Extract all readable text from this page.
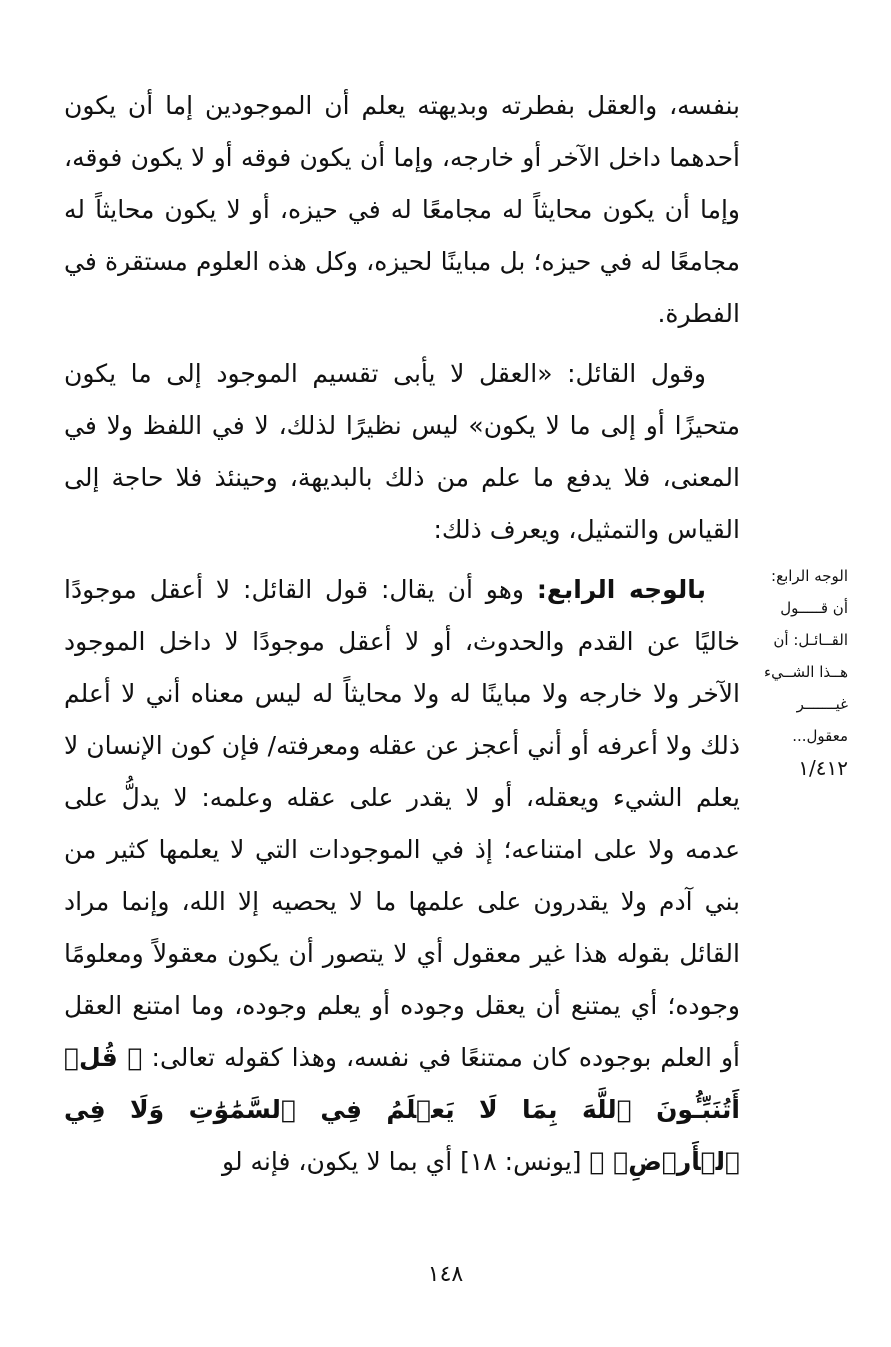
بنفسه، والعقل بفطرته وبديهته يعلم أن الموجودين إما أن يكون أحدهما داخل الآخر أو خارجه، وإما أن يكون فوقه أو لا يكون فوقه، وإما أن يكون محايثاً له مجامعًا له في حيزه، أو لا يكون محايثاً له مجامعًا له في حيزه؛ بل مباينًا لحيزه، وكل هذه العلوم مستقرة في الفطرة.

وقول القائل: «العقل لا يأبى تقسيم الموجود إلى ما يكون متحيزًا أو إلى ما لا يكون» ليس نظيرًا لذلك، لا في اللفظ ولا في المعنى، فلا يدفع ما علم من ذلك بالبديهة، وحينئذ فلا حاجة إلى القياس والتمثيل، ويعرف ذلك:

بالوجه الرابع: وهو أن يقال: قول القائل: لا أعقل موجودًا خاليًا عن القدم والحدوث، أو لا أعقل موجودًا لا داخل الموجود الآخر ولا خارجه ولا مباينًا له ولا محايثاً له ليس معناه أني لا أعلم ذلك ولا أعرفه أو أني أعجز عن عقله ومعرفته/ فإن كون الإنسان لا يعلم الشيء ويعقله، أو لا يقدر على عقله وعلمه: لا يدلُّ على عدمه ولا على امتناعه؛ إذ في الموجودات التي لا يعلمها كثير من بني آدم ولا يقدرون على علمها ما لا يحصيه إلا الله، وإنما مراد القائل بقوله هذا غير معقول أي لا يتصور أن يكون معقولاً ومعلومًا وجوده؛ أي يمتنع أن يعقل وجوده أو يعلم وجوده، وما امتنع العقل أو العلم بوجوده كان ممتنعًا في نفسه، وهذا كقوله تعالى: ﴿ قُلۡ أَتُنَبِّـُٔونَ ٱللَّهَ بِمَا لَا يَعۡلَمُ فِي ٱلسَّمَٰوَٰتِ وَلَا فِي ٱلۡأَرۡضِۚ ﴾ [يونس: ١٨] أي بما لا يكون، فإنه لو

الوجه الرابع: أن قـــــول القــائـل: أن هــذا الشــيء غيـــــــر معقول...
١/٤١٢
١٤٨
